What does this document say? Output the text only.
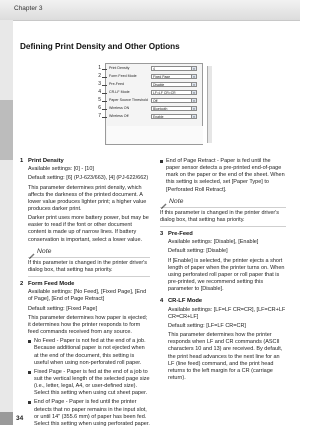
Chapter 3
Defining Print Density and Other Options
1 Print Density	4	▾
2 Form Feed Mode	Fixed Page	▾
3 Pre-Feed	Disable	▾
4 CR-LF Mode	LF=LF CR=CR	▾
5 Paper Source Threshold	Off	▾
6 Wireless ON	Bluetooth	▾
7 Wireless Off	Enable	▾
1 Print Density

Available settings: [0] - [10]

Default setting: [6] (PJ-623/663), [4] (PJ-622/662)

This parameter determines print density, which affects the darkness of the printed document. A lower value produces lighter print; a higher value produces darker print.

Darker print uses more battery power, but may be easier to read if the font or other document content is made up of narrow lines. If battery conservation is important, select a lower value.

Note

If this parameter is changed in the printer driver's dialog box, that setting has priority.

2 Form Feed Mode

Available settings: [No Feed], [Fixed Page], [End of Page], [End of Page Retract]

Default setting: [Fixed Page]

This parameter determines how paper is ejected; it determines how the printer responds to form feed commands received from any source.

No Feed - Paper is not fed at the end of a job. Because additional paper is not ejected when at the end of the document, this setting is useful when using non-perforated roll paper.

Fixed Page - Paper is fed at the end of a job to suit the vertical length of the selected page size (i.e., letter, legal, A4, or user-defined size). Select this setting when using cut sheet paper.

End of Page - Paper is fed until the printer detects that no paper remains in the input slot, or until 14" (355.6 mm) of paper has been fed. Select this setting when using perforated paper.

End of Page Retract - Paper is fed until the paper sensor detects a pre-printed end-of-page mark on the paper or the end of the sheet. When this setting is selected, set [Paper Type] to [Perforated Roll Retract].

Note

If this parameter is changed in the printer driver's dialog box, that setting has priority.

3 Pre-Feed

Available settings: [Disable], [Enable]

Default setting: [Disable]

If [Enable] is selected, the printer ejects a short length of paper when the printer turns on. When using perforated roll paper or roll paper that is pre-printed, we recommend setting this parameter to [Disable].

4 CR-LF Mode

Available settings: [LF=LF CR=CR], [LF=CR+LF CR=CR+LF]

Default setting: [LF=LF CR=CR]

This parameter determines how the printer responds when LF and CR commands (ASCII characters 10 and 13) are received. By default, the print head advances to the next line for an LF (line feed) command, and the print head returns to the left margin for a CR (carriage return).

34
